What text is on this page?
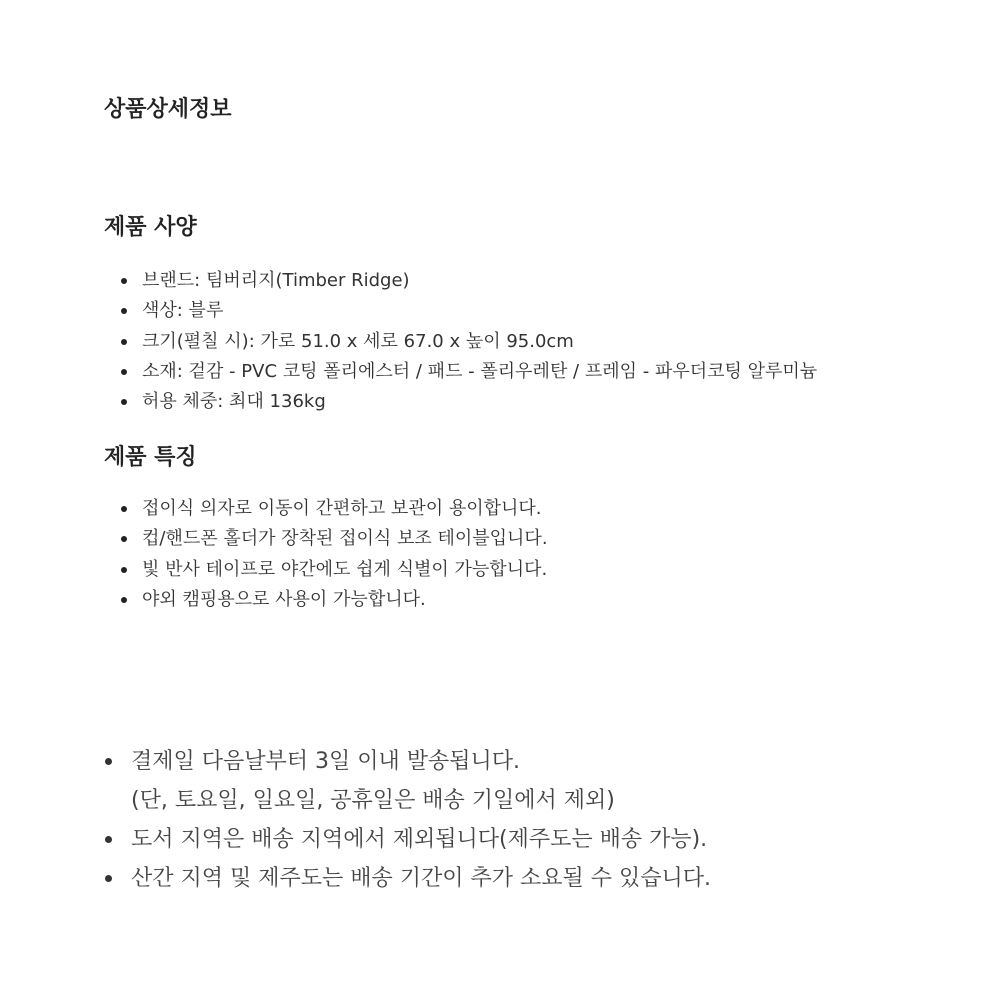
상품상세정보
제품 사양
브랜드: 팀버리지(Timber Ridge)
색상: 블루
크기(펼칠 시): 가로 51.0 x 세로 67.0 x 높이 95.0cm
소재: 겉감 - PVC 코팅 폴리에스터 / 패드 - 폴리우레탄 / 프레임 - 파우더코팅 알루미늄
허용 체중: 최대 136kg
제품 특징
접이식 의자로 이동이 간편하고 보관이 용이합니다.
컵/핸드폰 홀더가 장착된 접이식 보조 테이블입니다.
빛 반사 테이프로 야간에도 쉽게 식별이 가능합니다.
야외 캠핑용으로 사용이 가능합니다.
결제일 다음날부터 3일 이내 발송됩니다.
(단, 토요일, 일요일, 공휴일은 배송 기일에서 제외)
도서 지역은 배송 지역에서 제외됩니다(제주도는 배송 가능).
산간 지역 및 제주도는 배송 기간이 추가 소요될 수 있습니다.
